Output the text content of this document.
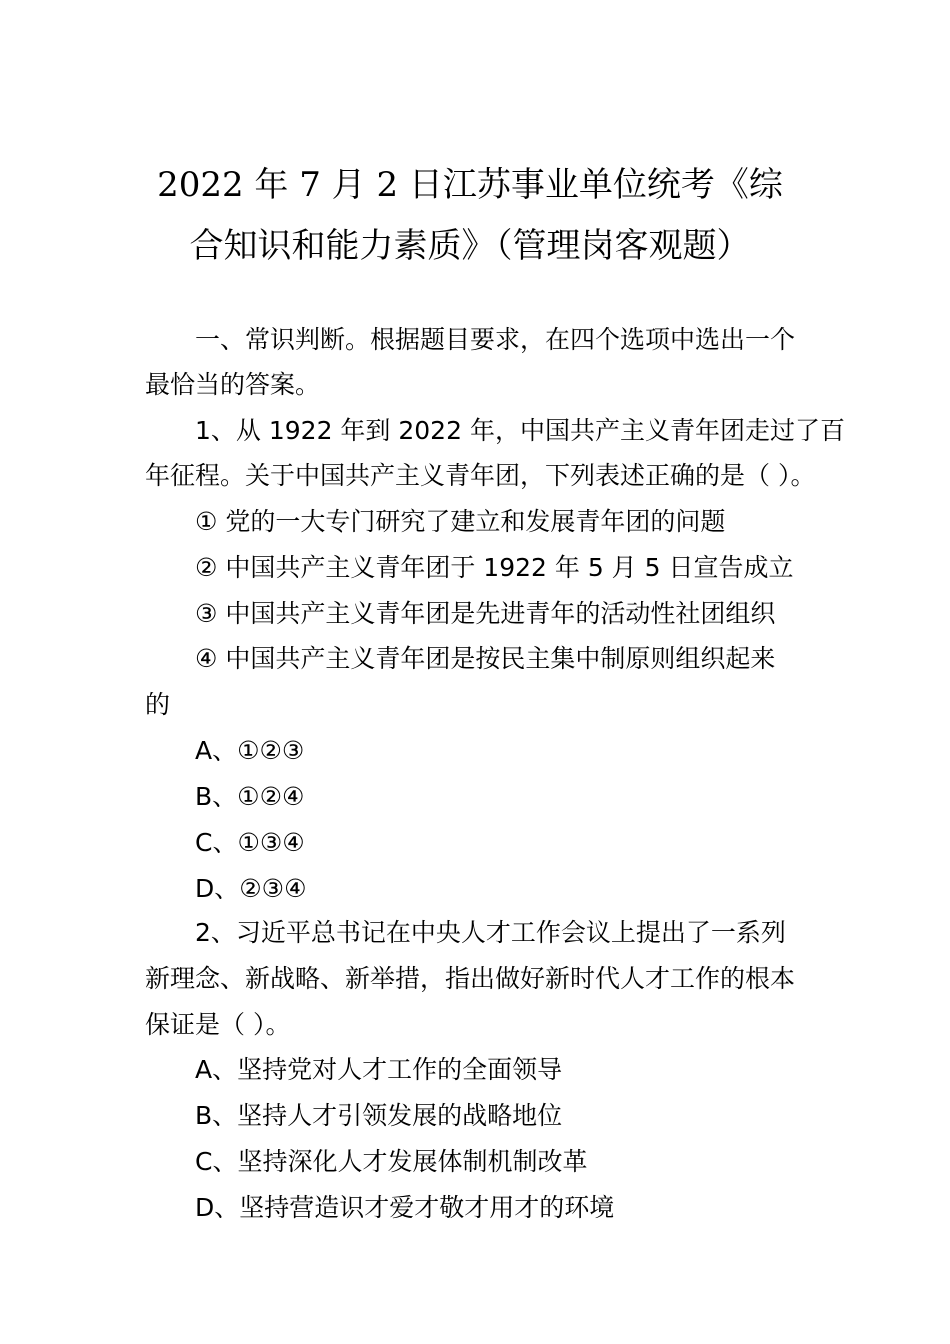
2022 年 7 月 2 日江苏事业单位统考《综
合知识和能力素质》（管理岗客观题）
一、常识判断。根据题目要求，在四个选项中选出一个
最恰当的答案。
1、从 1922 年到 2022 年，中国共产主义青年团走过了百
年征程。关于中国共产主义青年团，下列表述正确的是（ ）。
① 党的一大专门研究了建立和发展青年团的问题
② 中国共产主义青年团于 1922 年 5 月 5 日宣告成立
③ 中国共产主义青年团是先进青年的活动性社团组织
④ 中国共产主义青年团是按民主集中制原则组织起来
的
A、①②③
B、①②④
C、①③④
D、②③④
2、习近平总书记在中央人才工作会议上提出了一系列
新理念、新战略、新举措，指出做好新时代人才工作的根本
保证是（ ）。
A、坚持党对人才工作的全面领导
B、坚持人才引领发展的战略地位
C、坚持深化人才发展体制机制改革
D、坚持营造识才爱才敬才用才的环境
